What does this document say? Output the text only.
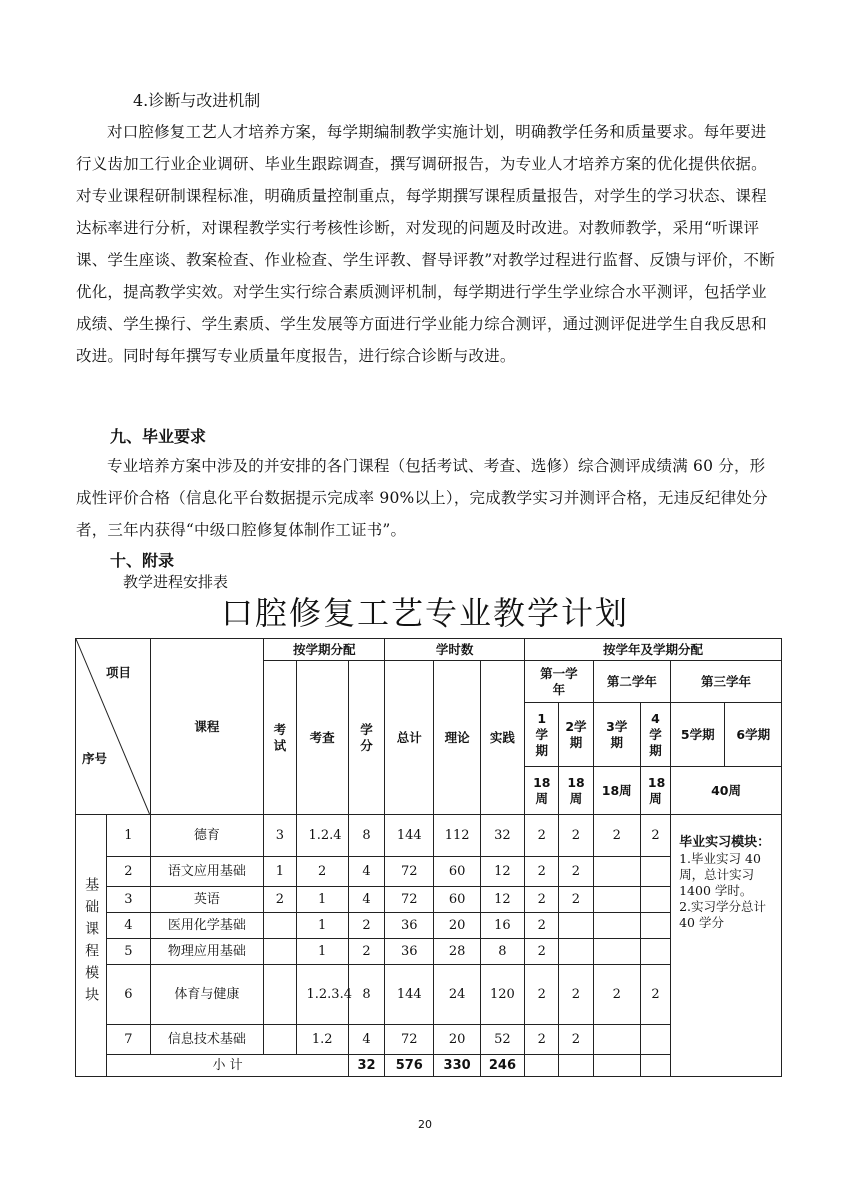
4.诊断与改进机制
对口腔修复工艺人才培养方案，每学期编制教学实施计划，明确教学任务和质量要求。每年要进行义齿加工行业企业调研、毕业生跟踪调查，撰写调研报告，为专业人才培养方案的优化提供依据。对专业课程研制课程标准，明确质量控制重点，每学期撰写课程质量报告，对学生的学习状态、课程达标率进行分析，对课程教学实行考核性诊断，对发现的问题及时改进。对教师教学，采用“听课评课、学生座谈、教案检查、作业检查、学生评教、督导评教”对教学过程进行监督、反馈与评价，不断优化，提高教学实效。对学生实行综合素质测评机制，每学期进行学生学业综合水平测评，包括学业成绩、学生操行、学生素质、学生发展等方面进行学业能力综合测评，通过测评促进学生自我反思和改进。同时每年撰写专业质量年度报告，进行综合诊断与改进。
九、毕业要求
专业培养方案中涉及的并安排的各门课程（包括考试、考查、选修）综合测评成绩满 60 分，形成性评价合格（信息化平台数据提示完成率 90%以上），完成教学实习并测评合格，无违反纪律处分者，三年内获得“中级口腔修复体制作工证书”。
十、附录
教学进程安排表
口腔修复工艺专业教学计划
项目
序号		课程	按学期分配			学时数			按学年及学期分配					
			考试	考查	学分	总计	理论	实践	第一学年		第二学年		第三学年	
									1学期	2学期	3学期	4学期	5学期	6学期
									18周	18周	18周	18周	40周	
基础课程模块	1	德育	3	1.2.4	8	144	112	32	2	2	2	2	毕业实习模块：
1.毕业实习 40 周，总计实习 1400 学时。
2.实习学分总计 40 学分	

	2	语文应用基础	1	2	4	72	60	12	2	2				
	3	英语	2	1	4	72	60	12	2	2				
	4	医用化学基础		1	2	36	20	16	2					
	5	物理应用基础		1	2	36	28	8	2					
	6	体育与健康		1.2.3.4	8	144	24	120	2	2	2	2		
	7	信息技术基础		1.2	4	72	20	52	2	2				
	小 计				32	576	330	246						
20
